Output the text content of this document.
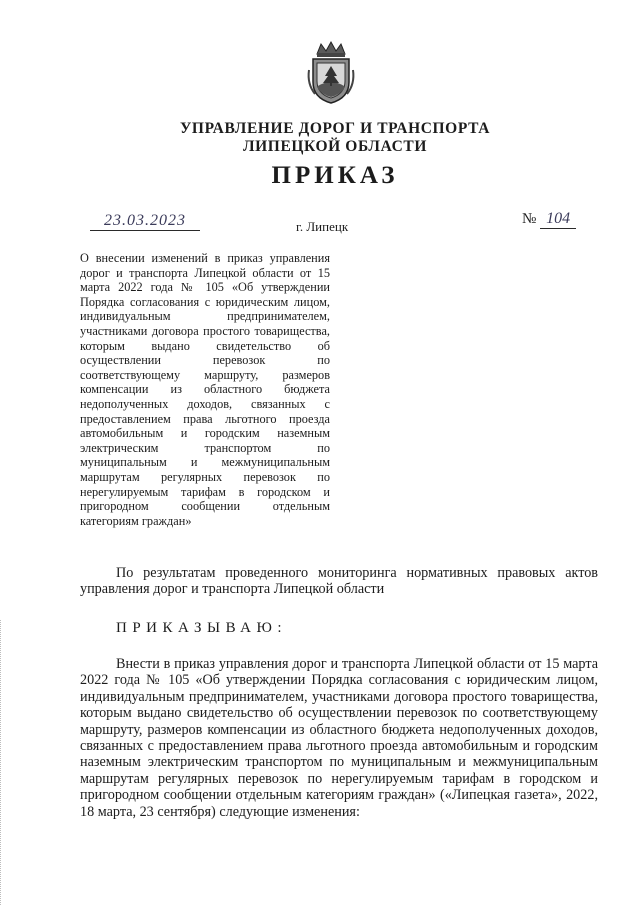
УПРАВЛЕНИЕ ДОРОГ И ТРАНСПОРТА
ЛИПЕЦКОЙ ОБЛАСТИ
ПРИКАЗ
23.03.2023	г. Липецк	№ 104
О внесении изменений в приказ управления дорог и транспорта Липецкой области от 15 марта 2022 года № 105 «Об утверждении Порядка согласования с юридическим лицом, индивидуальным предпринимателем, участниками договора простого товарищества, которым выдано свидетельство об осуществлении перевозок по соответствующему маршруту, размеров компенсации из областного бюджета недополученных доходов, связанных с предоставлением права льготного проезда автомобильным и городским наземным электрическим транспортом по муниципальным и межмуниципальным маршрутам регулярных перевозок по нерегулируемым тарифам в городском и пригородном сообщении отдельным категориям граждан»
По результатам проведенного мониторинга нормативных правовых актов управления дорог и транспорта Липецкой области
ПРИКАЗЫВАЮ:
Внести в приказ управления дорог и транспорта Липецкой области от 15 марта 2022 года № 105 «Об утверждении Порядка согласования с юридическим лицом, индивидуальным предпринимателем, участниками договора простого товарищества, которым выдано свидетельство об осуществлении перевозок по соответствующему маршруту, размеров компенсации из областного бюджета недополученных доходов, связанных с предоставлением права льготного проезда автомобильным и городским наземным электрическим транспортом по муниципальным и межмуниципальным маршрутам регулярных перевозок по нерегулируемым тарифам в городском и пригородном сообщении отдельным категориям граждан» («Липецкая газета», 2022, 18 марта, 23 сентября) следующие изменения:
